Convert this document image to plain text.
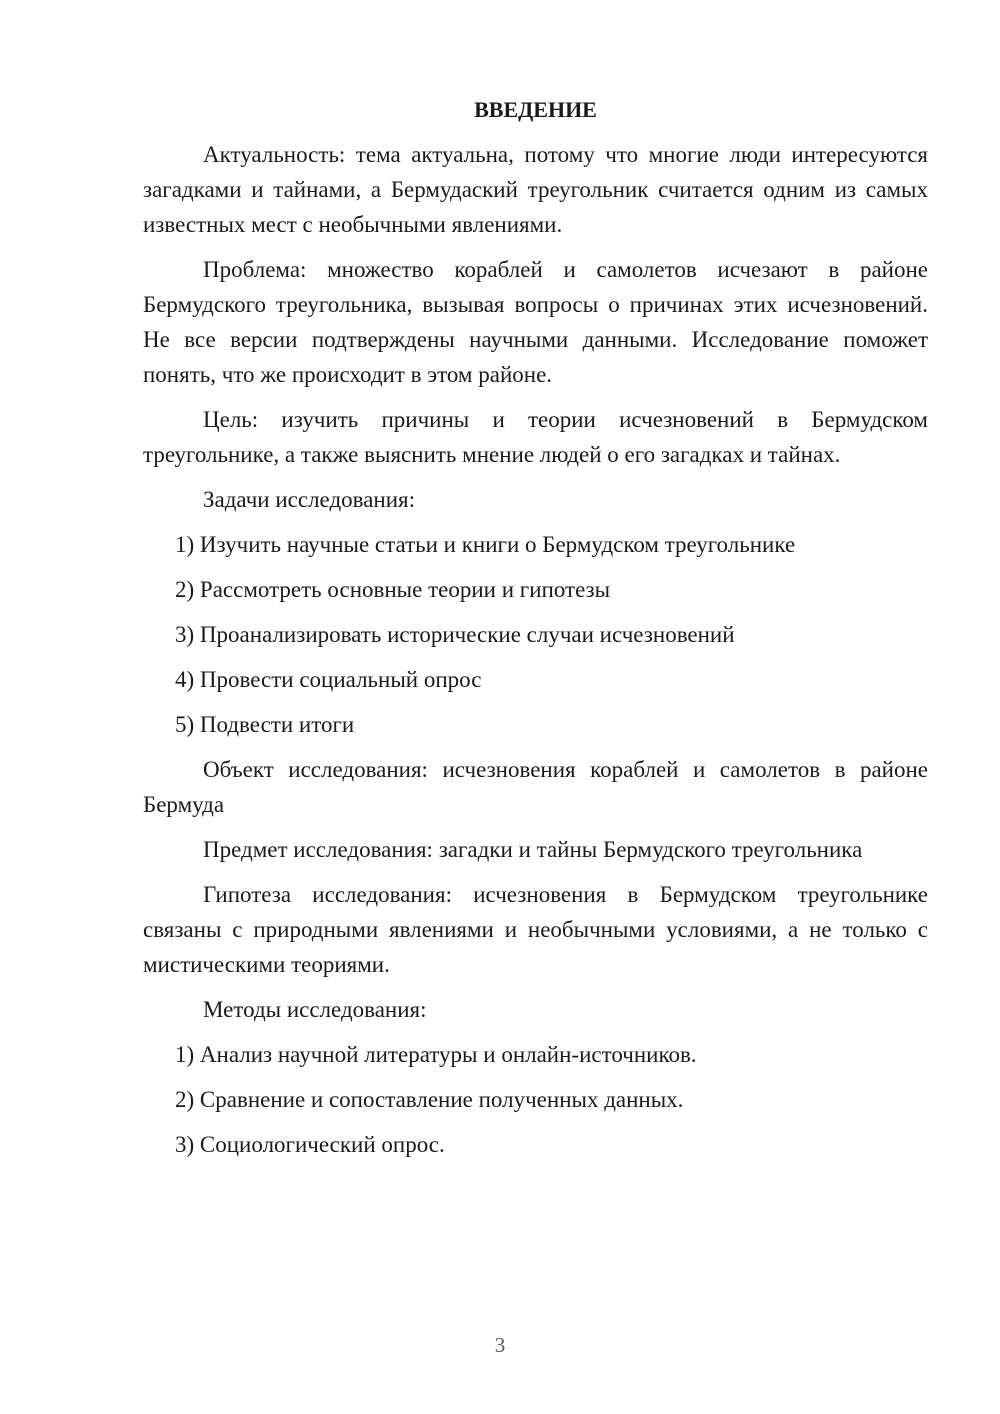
ВВЕДЕНИЕ
Актуальность: тема актуальна, потому что многие люди интересуются загадками и тайнами, а Бермудаский треугольник считается одним из самых известных мест с необычными явлениями.
Проблема: множество кораблей и самолетов исчезают в районе Бермудского треугольника, вызывая вопросы о причинах этих исчезновений. Не все версии подтверждены научными данными. Исследование поможет понять, что же происходит в этом районе.
Цель: изучить причины и теории исчезновений в Бермудском треугольнике, а также выяснить мнение людей о его загадках и тайнах.
Задачи исследования:
1) Изучить научные статьи и книги о Бермудском треугольнике
2) Рассмотреть основные теории и гипотезы
3) Проанализировать исторические случаи исчезновений
4) Провести социальный опрос
5) Подвести итоги
Объект исследования: исчезновения кораблей и самолетов в районе Бермуда
Предмет исследования: загадки и тайны Бермудского треугольника
Гипотеза исследования: исчезновения в Бермудском треугольнике связаны с природными явлениями и необычными условиями, а не только с мистическими теориями.
Методы исследования:
1) Анализ научной литературы и онлайн-источников.
2) Сравнение и сопоставление полученных данных.
3) Социологический опрос.
3
